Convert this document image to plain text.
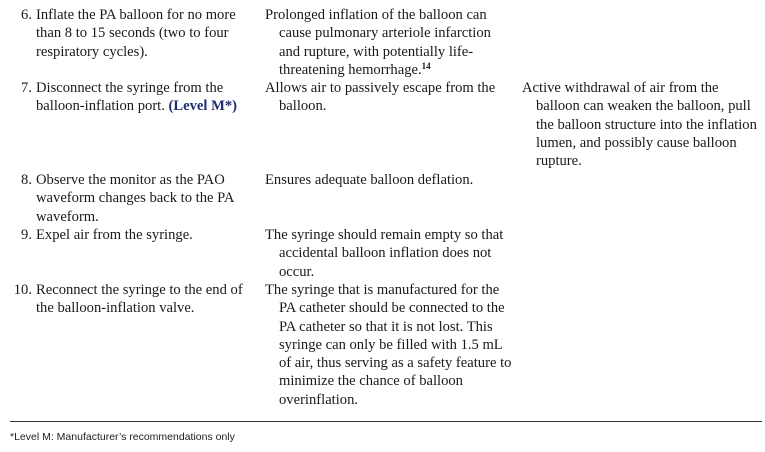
6. Inflate the PA balloon for no more than 8 to 15 seconds (two to four respiratory cycles).
Prolonged inflation of the balloon can cause pulmonary arteriole infarction and rupture, with potentially life-threatening hemorrhage.$^{14}$
7. Disconnect the syringe from the balloon-inflation port. (Level M*)
Allows air to passively escape from the balloon.
Active withdrawal of air from the balloon can weaken the balloon, pull the balloon structure into the inflation lumen, and possibly cause balloon rupture.
8. Observe the monitor as the PAO waveform changes back to the PA waveform.
Ensures adequate balloon deflation.
9. Expel air from the syringe.	The syringe should remain empty so that accidental balloon inflation does not occur.
10. Reconnect the syringe to the end of the balloon-inflation valve.
The syringe that is manufactured for the PA catheter should be connected to the PA catheter so that it is not lost. This syringe can only be filled with 1.5 mL of air, thus serving as a safety feature to minimize the chance of balloon overinflation.
*Level M: Manufacturer’s recommendations only
